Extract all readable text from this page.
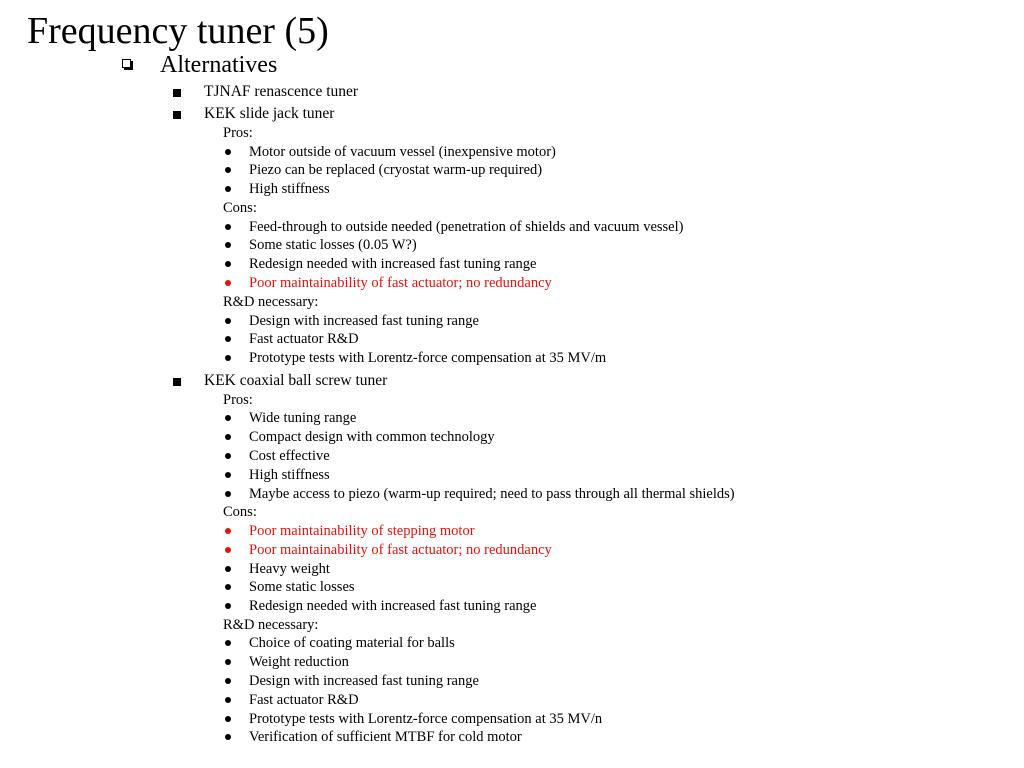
Frequency tuner (5)
Alternatives
TJNAF renascence tuner
KEK slide jack tuner
Pros:
Motor outside of vacuum vessel (inexpensive motor)
Piezo can be replaced (cryostat warm-up required)
High stiffness
Cons:
Feed-through to outside needed (penetration of shields and vacuum vessel)
Some static losses (0.05 W?)
Redesign needed with increased fast tuning range
Poor maintainability of fast actuator; no redundancy
R&D necessary:
Design with increased fast tuning range
Fast actuator R&D
Prototype tests with Lorentz-force compensation at 35 MV/m
KEK coaxial ball screw tuner
Pros:
Wide tuning range
Compact design with common technology
Cost effective
High stiffness
Maybe access to piezo (warm-up required; need to pass through all thermal shields)
Cons:
Poor maintainability of stepping motor
Poor maintainability of fast actuator; no redundancy
Heavy weight
Some static losses
Redesign needed with increased fast tuning range
R&D necessary:
Choice of coating material for balls
Weight reduction
Design with increased fast tuning range
Fast actuator R&D
Prototype tests with Lorentz-force compensation at 35 MV/n
Verification of sufficient MTBF for cold motor
